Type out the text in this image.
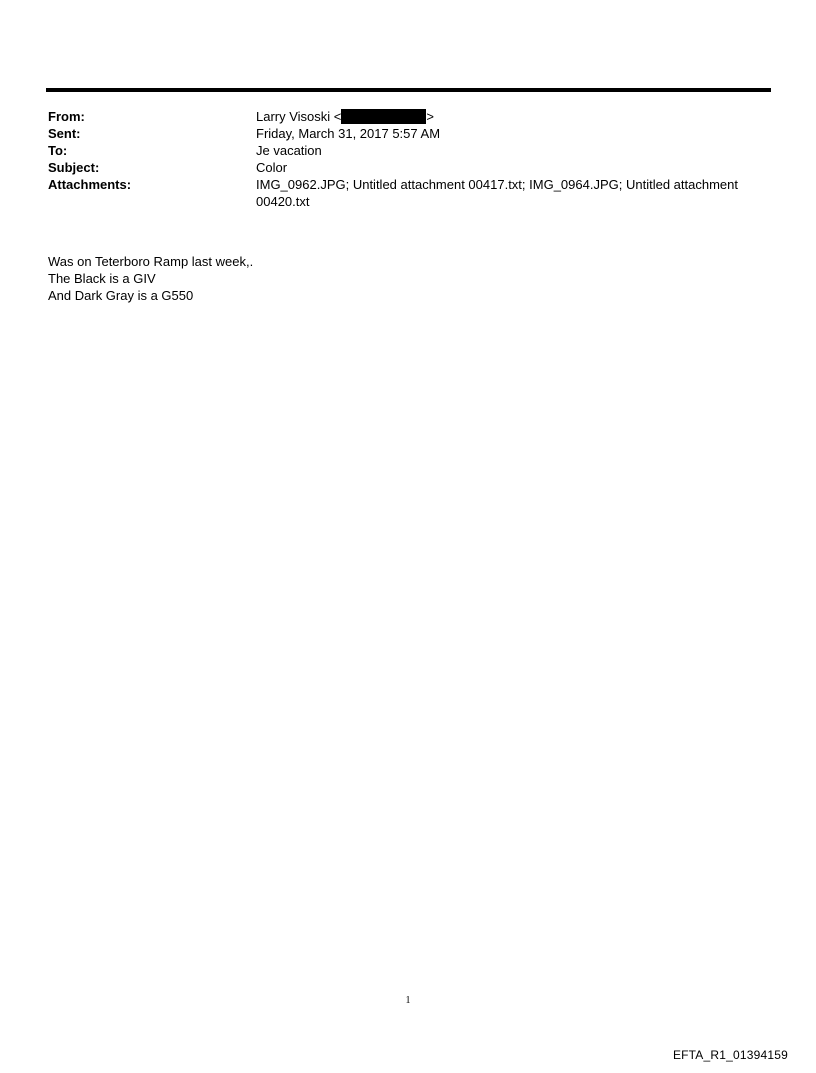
From:	Larry Visoski <	>
Sent:	Friday, March 31, 2017 5:57 AM
To:	Je vacation
Subject:	Color
Attachments:	IMG_0962.JPG; Untitled attachment 00417.txt; IMG_0964.JPG; Untitled attachment 00420.txt
Was on Teterboro Ramp last week,.
The Black is a GIV
And Dark Gray is a G550
1
EFTA_R1_01394159
